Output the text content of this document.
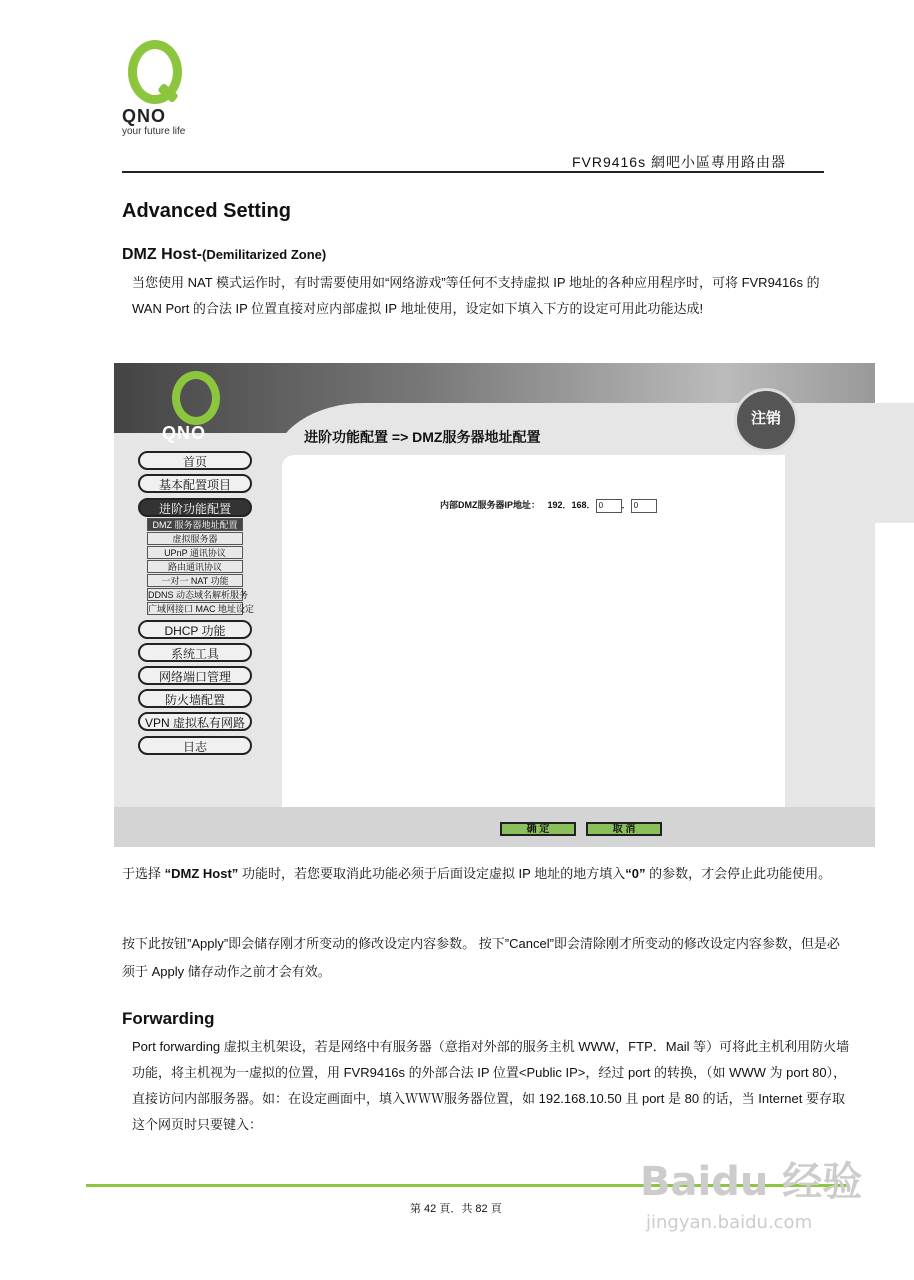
QNO
your future life
FVR9416s 網吧小區專用路由器
Advanced Setting
DMZ Host-(Demilitarized Zone)

当您使用 NAT 模式运作时，有时需要使用如“网络游戏”等任何不支持虚拟 IP 地址的各种应用程序时，可将 FVR9416s 的 WAN Port 的合法 IP 位置直接对应内部虚拟 IP 地址使用，设定如下填入下方的设定可用此功能达成!

QNO
注销
进阶功能配置 => DMZ服务器地址配置
内部DMZ服务器IP地址： 192．168． 0 ． 0
首页
基本配置项目
进阶功能配置
DMZ 服务器地址配置
虚拟服务器
UPnP 通讯协议
路由通讯协议
一对一 NAT 功能
DDNS 动态域名解析服务
广域网接口 MAC 地址设定
DHCP 功能
系统工具
网络端口管理
防火墙配置
VPN 虚拟私有网路
日志
确 定	取 消

于选择 “DMZ Host” 功能时，若您要取消此功能必须于后面设定虚拟 IP 地址的地方填入“0” 的参数，才会停止此功能使用。

按下此按钮”Apply”即会储存刚才所变动的修改设定内容参数。 按下”Cancel”即会清除刚才所变动的修改设定内容参数，但是必须于 Apply 储存动作之前才会有效。

Forwarding

Port forwarding 虚拟主机架设，若是网络中有服务器（意指对外部的服务主机 WWW，FTP．Mail 等）可将此主机利用防火墙功能，将主机视为一虚拟的位置，用 FVR9416s 的外部合法 IP 位置<Public IP>，经过 port 的转换，（如 WWW 为 port 80），直接访问内部服务器。如：在设定画面中，填入ＷＷＷ服务器位置，如 192.168.10.50 且 port 是 80 的话，当 Internet 要存取这个网页时只要键入：

第 42 頁．共 82 頁
Baidu 经验
jingyan.baidu.com
